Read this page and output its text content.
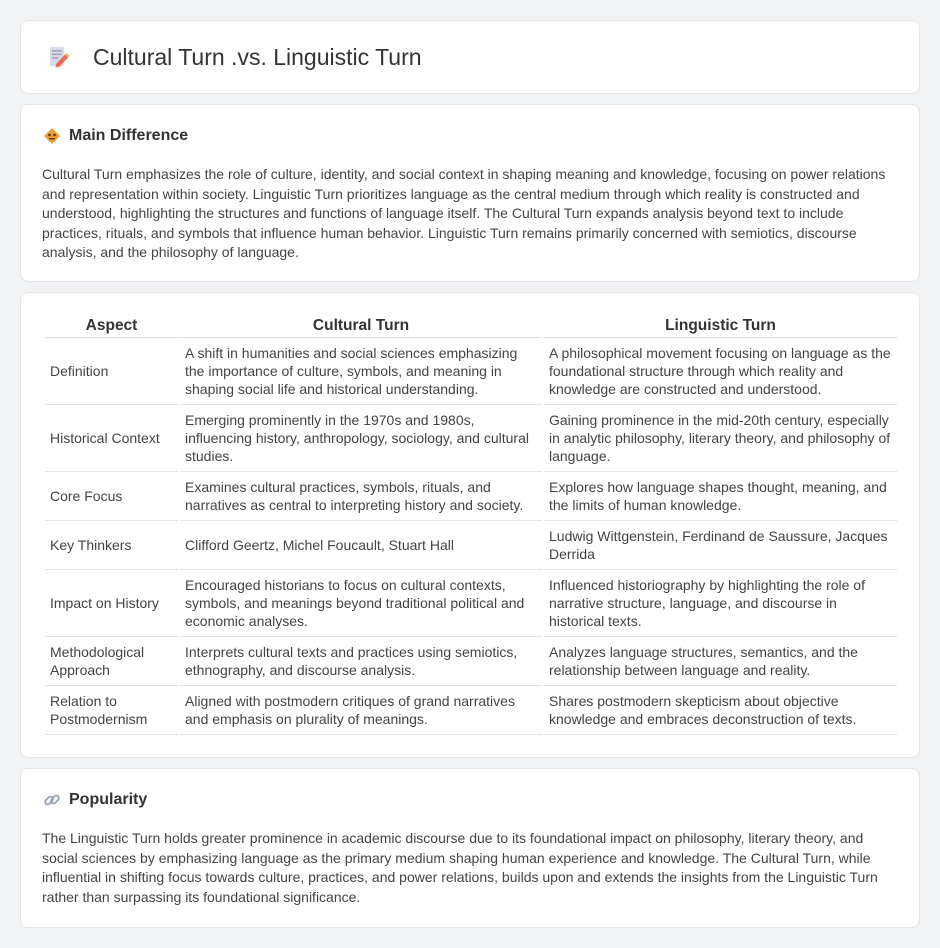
Cultural Turn .vs. Linguistic Turn
Main Difference

Cultural Turn emphasizes the role of culture, identity, and social context in shaping meaning and knowledge, focusing on power relations and representation within society. Linguistic Turn prioritizes language as the central medium through which reality is constructed and understood, highlighting the structures and functions of language itself. The Cultural Turn expands analysis beyond text to include practices, rituals, and symbols that influence human behavior. Linguistic Turn remains primarily concerned with semiotics, discourse analysis, and the philosophy of language.

Aspect	Cultural Turn	Linguistic Turn
Definition	A shift in humanities and social sciences emphasizing the importance of culture, symbols, and meaning in shaping social life and historical understanding.	A philosophical movement focusing on language as the foundational structure through which reality and knowledge are constructed and understood.
Historical Context	Emerging prominently in the 1970s and 1980s, influencing history, anthropology, sociology, and cultural studies.	Gaining prominence in the mid-20th century, especially in analytic philosophy, literary theory, and philosophy of language.
Core Focus	Examines cultural practices, symbols, rituals, and narratives as central to interpreting history and society.	Explores how language shapes thought, meaning, and the limits of human knowledge.
Key Thinkers	Clifford Geertz, Michel Foucault, Stuart Hall	Ludwig Wittgenstein, Ferdinand de Saussure, Jacques Derrida
Impact on History	Encouraged historians to focus on cultural contexts, symbols, and meanings beyond traditional political and economic analyses.	Influenced historiography by highlighting the role of narrative structure, language, and discourse in historical texts.
Methodological Approach	Interprets cultural texts and practices using semiotics, ethnography, and discourse analysis.	Analyzes language structures, semantics, and the relationship between language and reality.
Relation to Postmodernism	Aligned with postmodern critiques of grand narratives and emphasis on plurality of meanings.	Shares postmodern skepticism about objective knowledge and embraces deconstruction of texts.
Popularity

The Linguistic Turn holds greater prominence in academic discourse due to its foundational impact on philosophy, literary theory, and social sciences by emphasizing language as the primary medium shaping human experience and knowledge. The Cultural Turn, while influential in shifting focus towards culture, practices, and power relations, builds upon and extends the insights from the Linguistic Turn rather than surpassing its foundational significance.
